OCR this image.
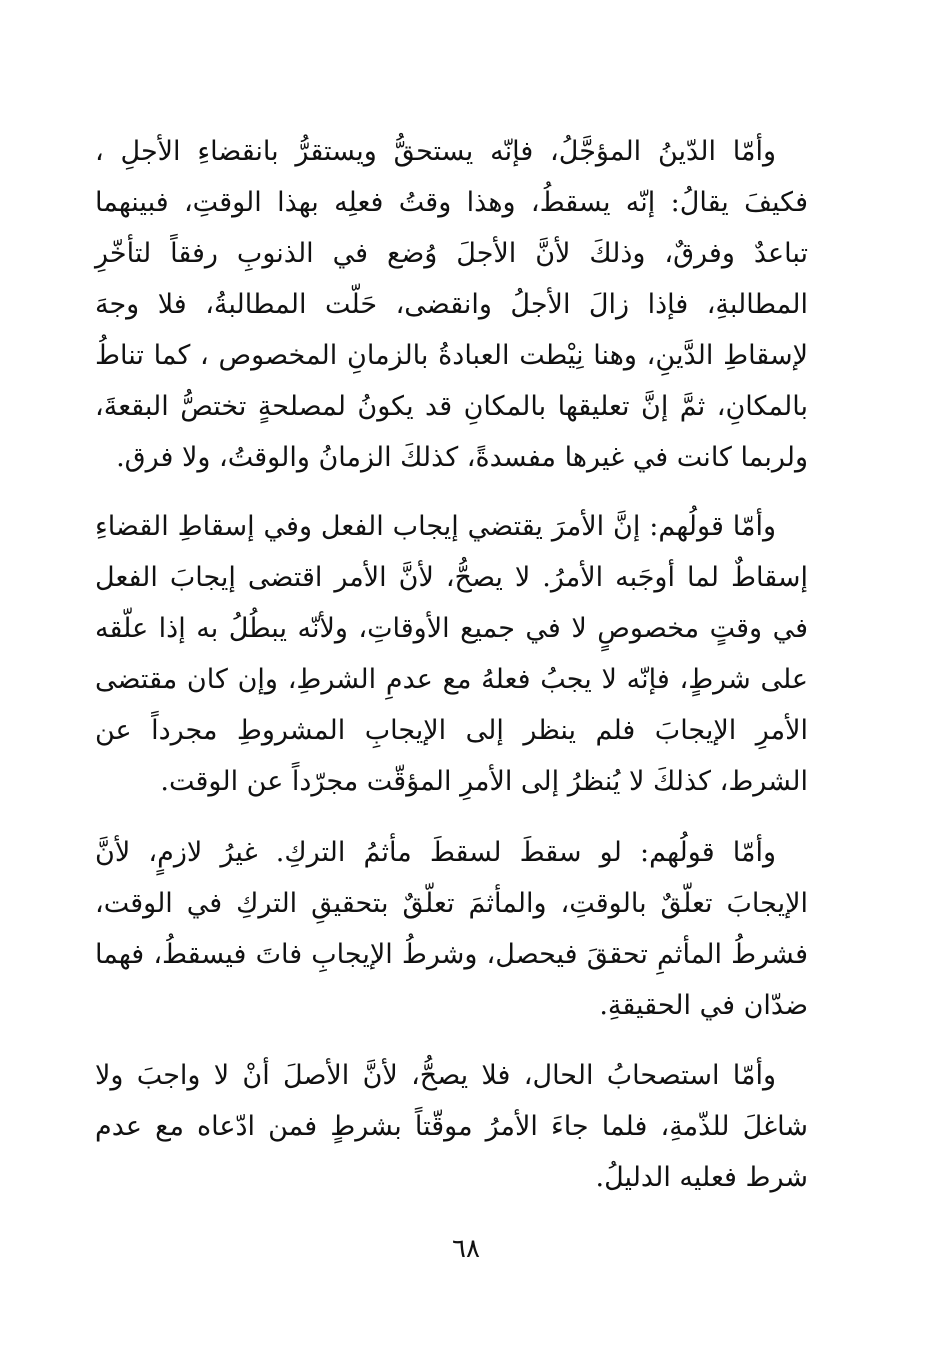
وأمّا الدّينُ المؤجَّلُ، فإنّه يستحقُّ ويستقرُّ بانقضاءِ الأجلِ ، فكيفَ يقالُ: إنّه يسقطُ، وهذا وقتُ فعلِه بهذا الوقتِ، فبينهما تباعدٌ وفرقٌ، وذلكَ لأنَّ الأجلَ وُضع في الذنوبِ رفقاً لتأخّرِ المطالبةِ، فإذا زالَ الأجلُ وانقضى، حَلّت المطالبةُ، فلا وجهَ لإسقاطِ الدَّينِ، وهنا نِيْطت العبادةُ بالزمانِ المخصوص ، كما تناطُ بالمكانِ، ثمَّ إنَّ تعليقها بالمكانِ قد يكونُ لمصلحةٍ تختصُّ البقعةَ، ولربما كانت في غيرها مفسدةً، كذلكَ الزمانُ والوقتُ، ولا فرق.

وأمّا قولُهم: إنَّ الأمرَ يقتضي إيجاب الفعل وفي إسقاطِ القضاءِ إسقاطٌ لما أوجَبه الأمرُ. لا يصحُّ، لأنَّ الأمر اقتضى إيجابَ الفعل في وقتٍ مخصوصٍ لا في جميع الأوقاتِ، ولأنّه يبطُلُ به إذا علّقه على شرطٍ، فإنّه لا يجبُ فعلهُ مع عدمِ الشرطِ، وإن كان مقتضى الأمرِ الإيجابَ فلم ينظر إلى الإيجابِ المشروطِ مجرداً عن الشرط، كذلكَ لا يُنظرُ إلى الأمرِ المؤقّت مجرّداً عن الوقت.

وأمّا قولُهم: لو سقطَ لسقطَ مأثمُ التركِ. غيرُ لازمٍ، لأنَّ الإيجابَ تعلّقٌ بالوقتِ، والمأثمَ تعلّقٌ بتحقيقِ التركِ في الوقت، فشرطُ المأثمِ تحققَ فيحصل، وشرطُ الإيجابِ فاتَ فيسقطُ، فهما ضدّان في الحقيقةِ.

وأمّا استصحابُ الحال، فلا يصحُّ، لأنَّ الأصلَ أنْ لا واجبَ ولا شاغلَ للذّمةِ، فلما جاءَ الأمرُ موقّتاً بشرطٍ فمن ادّعاه مع عدم شرط فعليه الدليلُ.

٦٨
